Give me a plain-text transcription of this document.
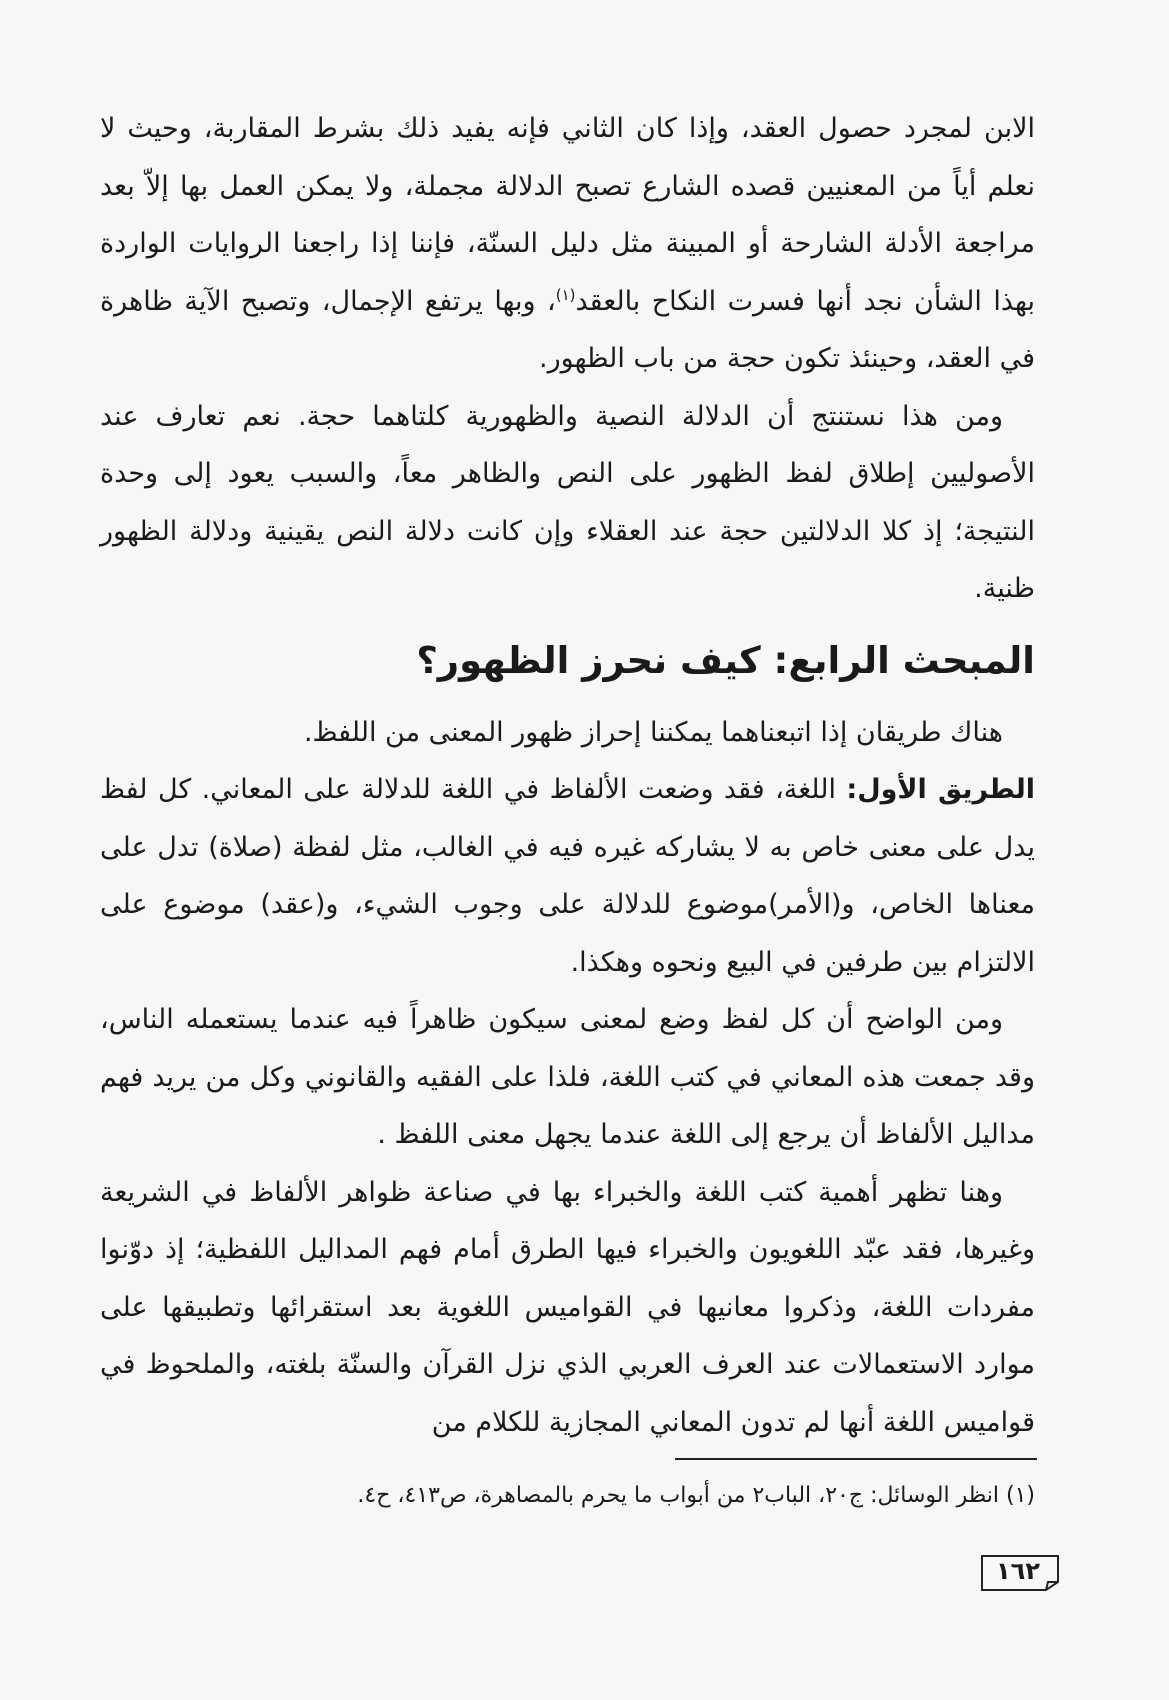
الابن لمجرد حصول العقد، وإذا كان الثاني فإنه يفيد ذلك بشرط المقاربة، وحيث لا نعلم أياً من المعنيين قصده الشارع تصبح الدلالة مجملة، ولا يمكن العمل بها إلاّ بعد مراجعة الأدلة الشارحة أو المبينة مثل دليل السنّة، فإننا إذا راجعنا الروايات الواردة بهذا الشأن نجد أنها فسرت النكاح بالعقد$^{(١)}$، وبها يرتفع الإجمال، وتصبح الآية ظاهرة في العقد، وحينئذ تكون حجة من باب الظهور.

ومن هذا نستنتج أن الدلالة النصية والظهورية كلتاهما حجة. نعم تعارف عند الأصوليين إطلاق لفظ الظهور على النص والظاهر معاً، والسبب يعود إلى وحدة النتيجة؛ إذ كلا الدلالتين حجة عند العقلاء وإن كانت دلالة النص يقينية ودلالة الظهور ظنية.

المبحث الرابع: كيف نحرز الظهور؟

هناك طريقان إذا اتبعناهما يمكننا إحراز ظهور المعنى من اللفظ.

الطريق الأول: اللغة، فقد وضعت الألفاظ في اللغة للدلالة على المعاني. كل لفظ يدل على معنى خاص به لا يشاركه غيره فيه في الغالب، مثل لفظة (صلاة) تدل على معناها الخاص، و(الأمر)موضوع للدلالة على وجوب الشيء، و(عقد) موضوع على الالتزام بين طرفين في البيع ونحوه وهكذا.

ومن الواضح أن كل لفظ وضع لمعنى سيكون ظاهراً فيه عندما يستعمله الناس، وقد جمعت هذه المعاني في كتب اللغة، فلذا على الفقيه والقانوني وكل من يريد فهم مداليل الألفاظ أن يرجع إلى اللغة عندما يجهل معنى اللفظ .

وهنا تظهر أهمية كتب اللغة والخبراء بها في صناعة ظواهر الألفاظ في الشريعة وغيرها، فقد عبّد اللغويون والخبراء فيها الطرق أمام فهم المداليل اللفظية؛ إذ دوّنوا مفردات اللغة، وذكروا معانيها في القواميس اللغوية بعد استقرائها وتطبيقها على موارد الاستعمالات عند العرف العربي الذي نزل القرآن والسنّة بلغته، والملحوظ في قواميس اللغة أنها لم تدون المعاني المجازية للكلام من

(١) انظر الوسائل: ج٢٠، الباب٢ من أبواب ما يحرم بالمصاهرة، ص٤١٣، ح٤.
١٦٢
